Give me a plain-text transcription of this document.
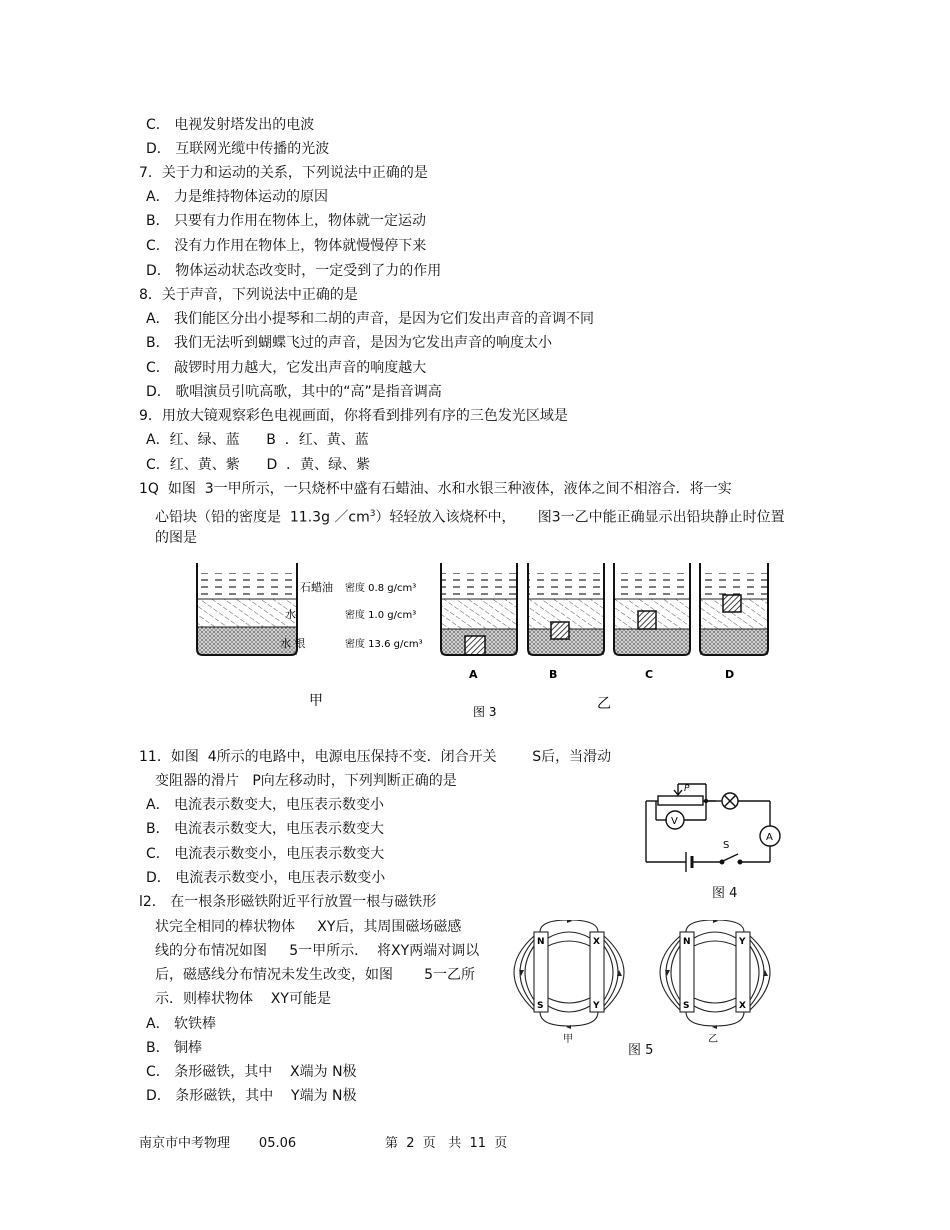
C． 电视发射塔发出的电波
D． 互联网光缆中传播的光波
7．关于力和运动的关系，下列说法中正确的是
A． 力是维持物体运动的原因
B． 只要有力作用在物体上，物体就一定运动
C． 没有力作用在物体上，物体就慢慢停下来
D． 物体运动状态改变时，一定受到了力的作用
8．关于声音，下列说法中正确的是
A． 我们能区分出小提琴和二胡的声音，是因为它们发出声音的音调不同
B． 我们无法听到蝴蝶飞过的声音，是因为它发出声音的响度太小
C． 敲锣时用力越大，它发出声音的响度越大
D． 歌唱演员引吭高歌，其中的“高”是指音调高
9．用放大镜观察彩色电视画面，你将看到排列有序的三色发光区域是
A．红、绿、蓝      B  ．红、黄、蓝
C．红、黄、紫      D  ．黄、绿、紫
1Q  如图  3一甲所示，一只烧杯中盛有石蜡油、水和水银三种液体，液体之间不相溶合．将一实
心铅块（铅的密度是  11.3g $/cm^3$）轻轻放入该烧杯中，     图3一乙中能正确显示出铅块静止时位置
的图是
石蜡油
水
水 银
密度 0.8 g/cm³
密度 1.0 g/cm³
密度 13.6 g/cm³
A	B	C	D
甲	乙
图 3
11．如图  4所示的电路中，电源电压保持不变．闭合开关        S后，当滑动
变阻器的滑片   P向左移动时，下列判断正确的是
A． 电流表示数变大，电压表示数变小
B． 电流表示数变大，电压表示数变大
C． 电流表示数变小，电压表示数变大
D． 电流表示数变小，电压表示数变小
P
V
A
S
图 4
l2． 在一根条形磁铁附近平行放置一根与磁铁形
状完全相同的棒状物体     XY后，其周围磁场磁感
线的分布情况如图     5一甲所示．  将XY两端对调以
后，磁感线分布情况未发生改变，如图       5一乙所
示．则棒状物体    XY可能是
A． 软铁棒
B． 铜棒
C． 条形磁铁，其中    X端为 N极
D． 条形磁铁，其中    Y端为 N极
N
S
X
Y
N
S
Y
X
甲	乙
图 5
南京市中考物理       05.06	第  2  页   共  11  页
